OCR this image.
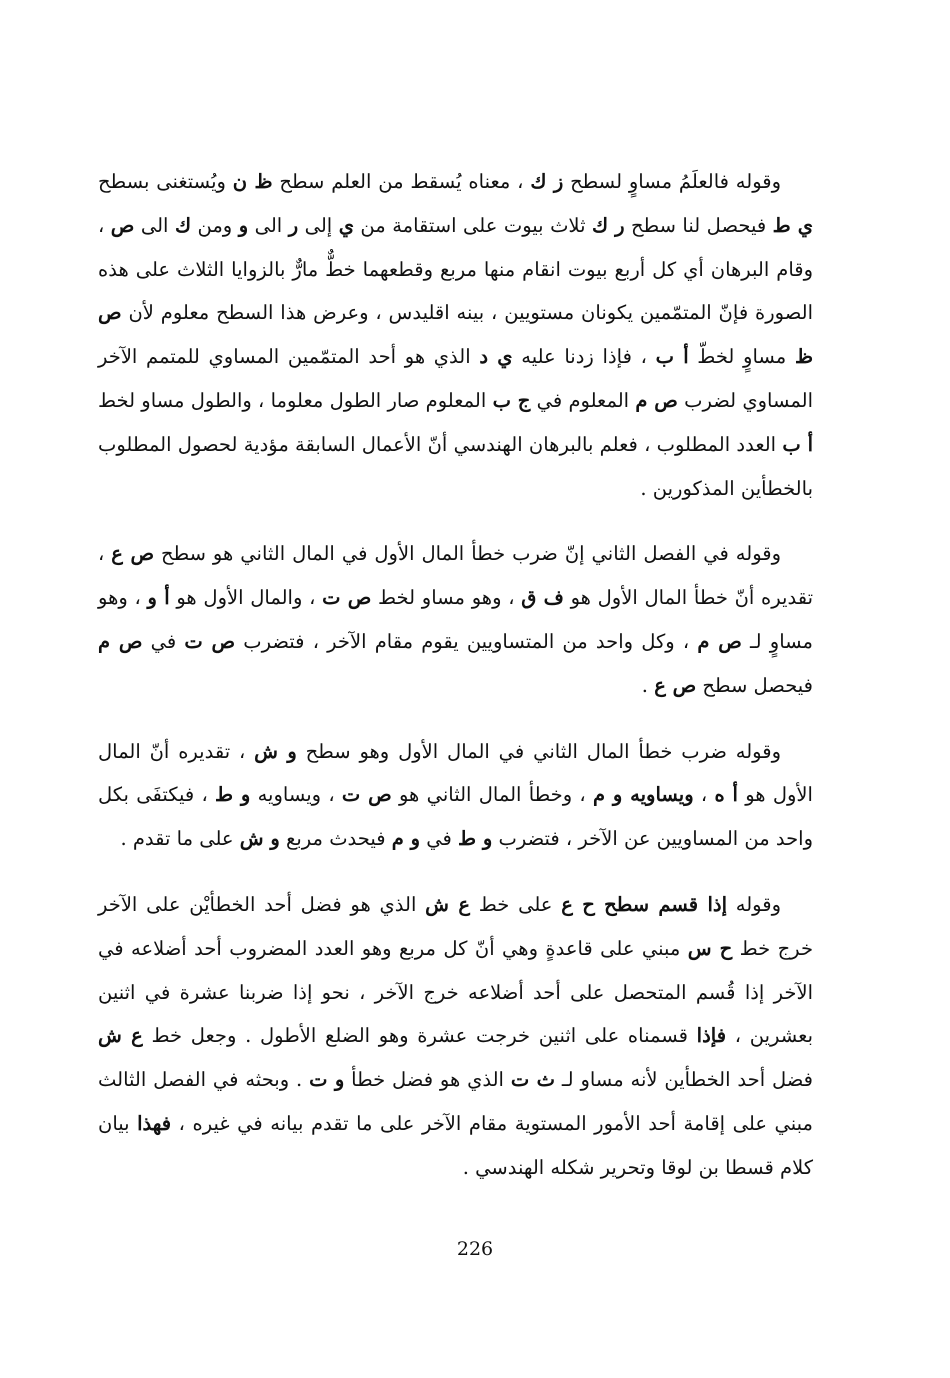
وقوله فالعلَمُ مساوٍ لسطح ز ك ، معناه يُسقط من العلم سطح ظ ن ويُستغنى بسطح ي ط فيحصل لنا سطح ر ك ثلاث بيوت على استقامة من ي إلى ر الى و ومن ك الى ص ، وقام البرهان أي كل أربع بيوت انقام منها مربع وقطعهما خطٌّ مارٌّ بالزوايا الثلاث على هذه الصورة فإنّ المتمّمين يكونان مستويين ، بينه اقليدس ، وعرض هذا السطح معلوم لأن ص ظ مساوٍ لخطّ أ ب ، فإذا زدنا عليه ي د الذي هو أحد المتمّمين المساوي للمتمم الآخر المساوي لضرب ص م المعلوم في ج ب المعلوم صار الطول معلوما ، والطول مساو لخط أ ب العدد المطلوب ، فعلم بالبرهان الهندسي أنّ الأعمال السابقة مؤدية لحصول المطلوب بالخطأين المذكورين .

وقوله في الفصل الثاني إنّ ضرب خطأ المال الأول في المال الثاني هو سطح ص ع ، تقديره أنّ خطأ المال الأول هو ف ق ، وهو مساو لخط ص ت ، والمال الأول هو أ و ، وهو مساوٍ لـ ص م ، وكل واحد من المتساويين يقوم مقام الآخر ، فتضرب ص ت في ص م فيحصل سطح ص ع .

وقوله ضرب خطأ المال الثاني في المال الأول وهو سطح و ش ، تقديره أنّ المال الأول هو أ ه ، ويساويه و م ، وخطأ المال الثاني هو ص ت ، ويساويه و ط ، فيكتفَى بكل واحد من المساويين عن الآخر ، فتضرب و ط في و م فيحدث مربع و ش على ما تقدم .

وقوله إذا قسم سطح ح ع على خط ع ش الذي هو فضل أحد الخطأيْن على الآخر خرج خط ح س مبني على قاعدةٍ وهي أنّ كل مربع وهو العدد المضروب أحد أضلاعه في الآخر إذا قُسم المتحصل على أحد أضلاعه خرج الآخر ، نحو إذا ضربنا عشرة في اثنين بعشرين ، فإذا قسمناه على اثنين خرجت عشرة وهو الضلع الأطول . وجعل خط ع ش فضل أحد الخطأين لأنه مساو لـ ث ت الذي هو فضل خطأ و ت . وبحثه في الفصل الثالث مبني على إقامة أحد الأمور المستوية مقام الآخر على ما تقدم بيانه في غيره ، فهذا بيان كلام قسطا بن لوقا وتحرير شكله الهندسي .

226
